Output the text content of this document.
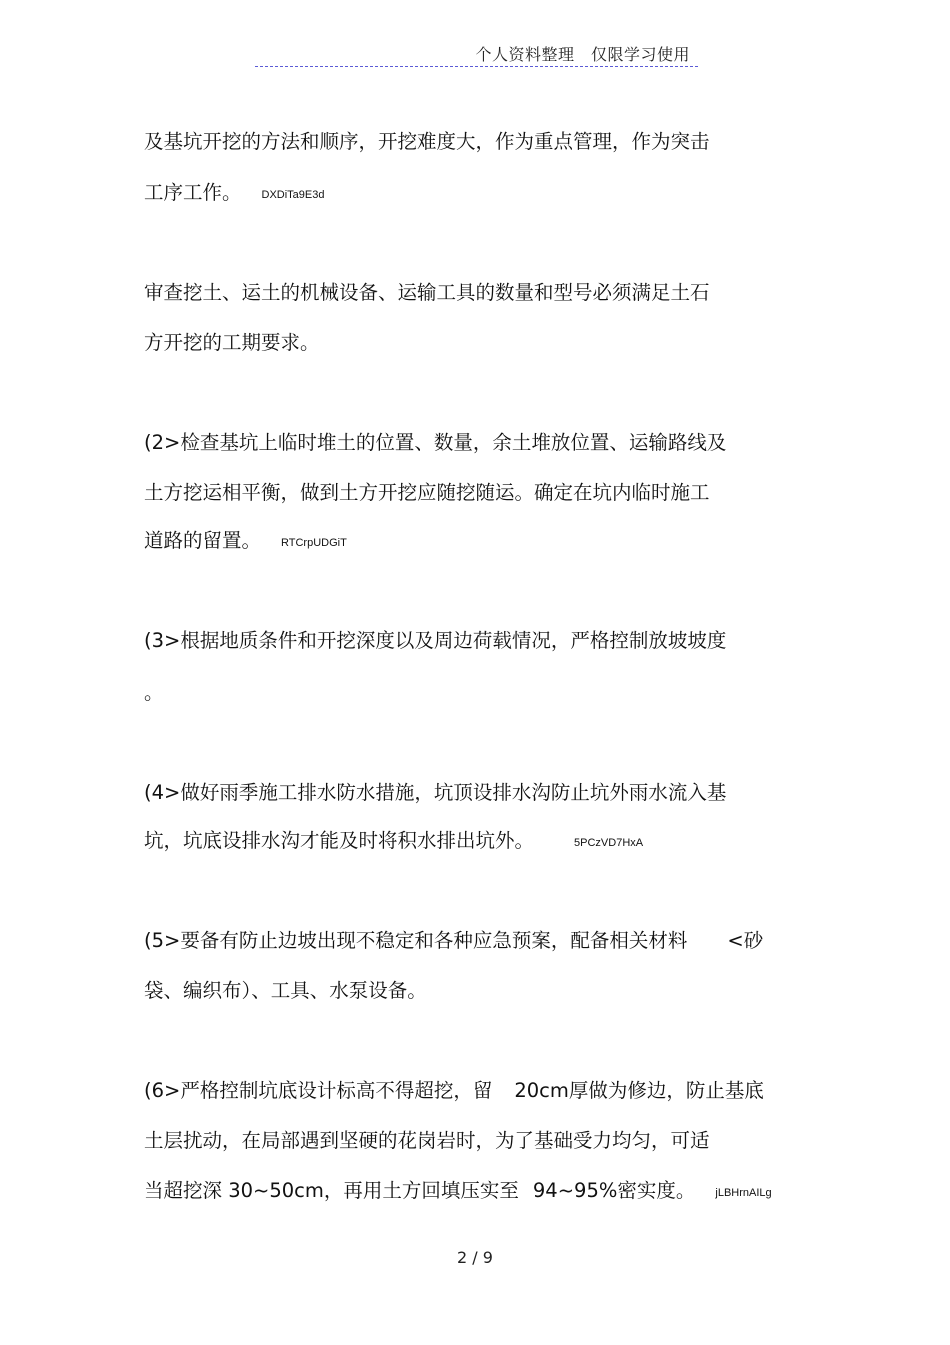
个人资料整理　仅限学习使用
及基坑开挖的方法和顺序，开挖难度大，作为重点管理，作为突击
工序工作。 DXDiTa9E3d
审查挖土、运土的机械设备、运输工具的数量和型号必须满足土石
方开挖的工期要求。
(2>检查基坑上临时堆土的位置、数量，余土堆放位置、运输路线及
土方挖运相平衡，做到土方开挖应随挖随运。确定在坑内临时施工
道路的留置。 RTCrpUDGiT
(3>根据地质条件和开挖深度以及周边荷载情况，严格控制放坡坡度
。
(4>做好雨季施工排水防水措施，坑顶设排水沟防止坑外雨水流入基
坑，坑底设排水沟才能及时将积水排出坑外。	5PCzVD7HxA
(5>要备有防止边坡出现不稳定和各种应急预案，配备相关材料 <砂
袋、编织布）、工具、水泵设备。
(6>严格控制坑底设计标高不得超挖，留 20cm厚做为修边，防止基底
土层扰动，在局部遇到坚硬的花岗岩时，为了基础受力均匀，可适
当超挖深 30~50cm，再用土方回填压实至 94~95%密实度。 jLBHrnAILg
2 / 9
